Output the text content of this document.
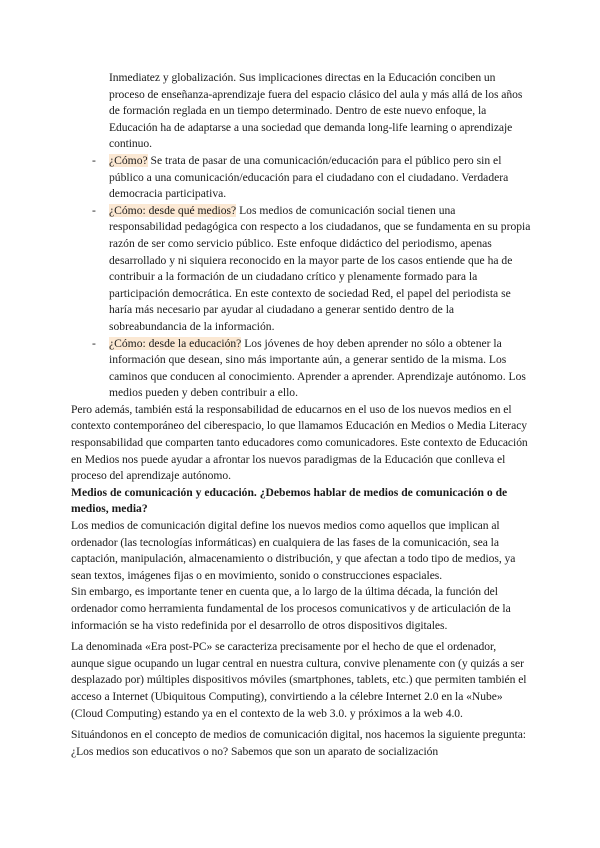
Inmediatez y globalización. Sus implicaciones directas en la Educación conciben un proceso de enseñanza-aprendizaje fuera del espacio clásico del aula y más allá de los años de formación reglada en un tiempo determinado. Dentro de este nuevo enfoque, la Educación ha de adaptarse a una sociedad que demanda long-life learning o aprendizaje continuo.

- ¿Cómo? Se trata de pasar de una comunicación/educación para el público pero sin el público a una comunicación/educación para el ciudadano con el ciudadano. Verdadera democracia participativa.

- ¿Cómo: desde qué medios? Los medios de comunicación social tienen una responsabilidad pedagógica con respecto a los ciudadanos, que se fundamenta en su propia razón de ser como servicio público. Este enfoque didáctico del periodismo, apenas desarrollado y ni siquiera reconocido en la mayor parte de los casos entiende que ha de contribuir a la formación de un ciudadano crítico y plenamente formado para la participación democrática. En este contexto de sociedad Red, el papel del periodista se haría más necesario par ayudar al ciudadano a generar sentido dentro de la sobreabundancia de la información.

- ¿Cómo: desde la educación? Los jóvenes de hoy deben aprender no sólo a obtener la información que desean, sino más importante aún, a generar sentido de la misma. Los caminos que conducen al conocimiento. Aprender a aprender. Aprendizaje autónomo. Los medios pueden y deben contribuir a ello.

Pero además, también está la responsabilidad de educarnos en el uso de los nuevos medios en el contexto contemporáneo del ciberespacio, lo que llamamos Educación en Medios o Media Literacy responsabilidad que comparten tanto educadores como comunicadores. Este contexto de Educación en Medios nos puede ayudar a afrontar los nuevos paradigmas de la Educación que conlleva el proceso del aprendizaje autónomo.

Medios de comunicación y educación. ¿Debemos hablar de medios de comunicación o de medios, media?

Los medios de comunicación digital define los nuevos medios como aquellos que implican al ordenador (las tecnologías informáticas) en cualquiera de las fases de la comunicación, sea la captación, manipulación, almacenamiento o distribución, y que afectan a todo tipo de medios, ya sean textos, imágenes fijas o en movimiento, sonido o construcciones espaciales.

Sin embargo, es importante tener en cuenta que, a lo largo de la última década, la función del ordenador como herramienta fundamental de los procesos comunicativos y de articulación de la información se ha visto redefinida por el desarrollo de otros dispositivos digitales.

La denominada «Era post-PC» se caracteriza precisamente por el hecho de que el ordenador, aunque sigue ocupando un lugar central en nuestra cultura, convive plenamente con (y quizás a ser desplazado por) múltiples dispositivos móviles (smartphones, tablets, etc.) que permiten también el acceso a Internet (Ubiquitous Computing), convirtiendo a la célebre Internet 2.0 en la «Nube» (Cloud Computing) estando ya en el contexto de la web 3.0. y próximos a la web 4.0.

Situándonos en el concepto de medios de comunicación digital, nos hacemos la siguiente pregunta: ¿Los medios son educativos o no? Sabemos que son un aparato de socialización
